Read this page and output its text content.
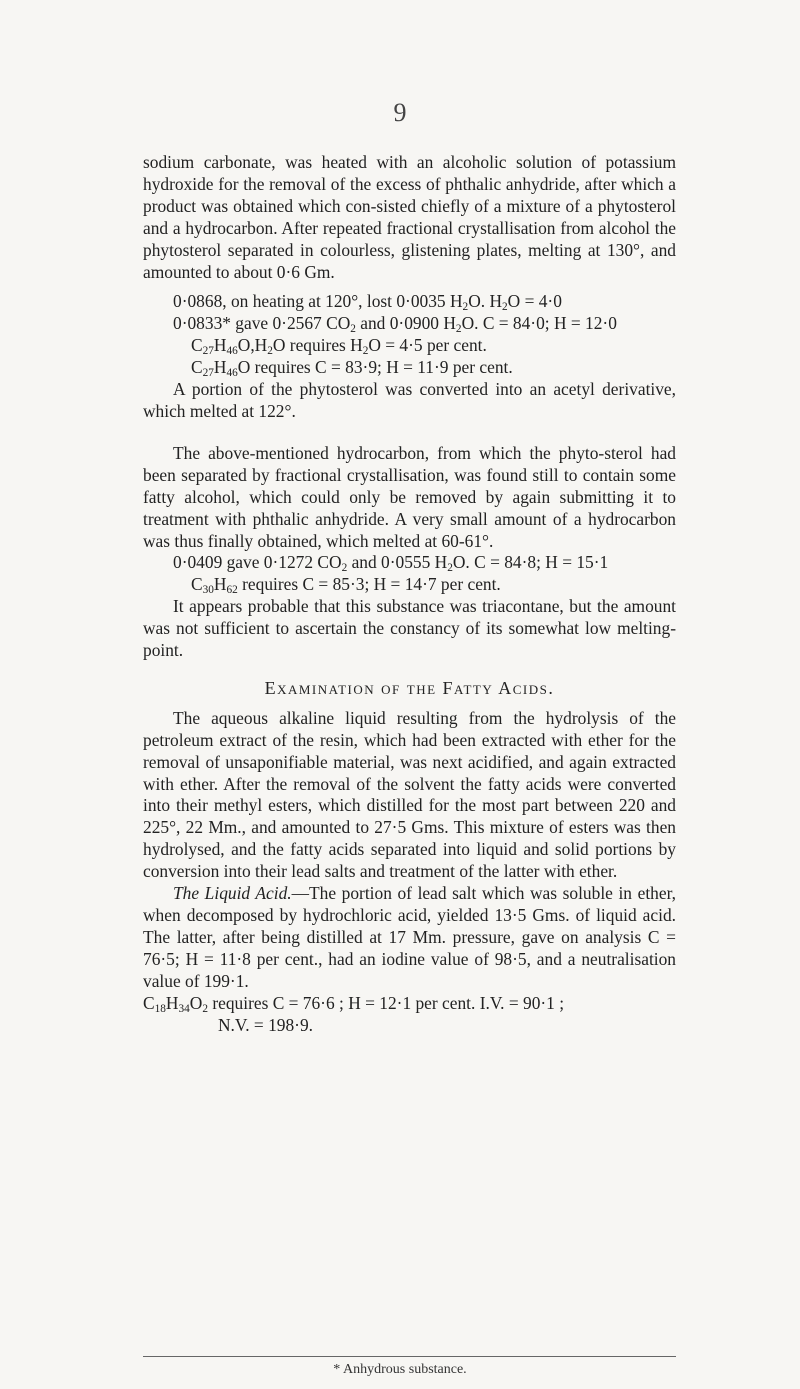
9

sodium carbonate, was heated with an alcoholic solution of potassium hydroxide for the removal of the excess of phthalic anhydride, after which a product was obtained which con-sisted chiefly of a mixture of a phytosterol and a hydrocarbon. After repeated fractional crystallisation from alcohol the phytosterol separated in colourless, glistening plates, melting at 130°, and amounted to about 0·6 Gm.

0·0868, on heating at 120°, lost 0·0035 $H_2O$. $H_2O = 4\cdot 0$
0·0833* gave 0·2567 $CO_2$ and 0·0900 $H_2O$. C = 84·0; H = 12·0
$C_{27}H_{46}O,H_2O$ requires $H_2O = 4\cdot 5$ per cent.
$C_{27}H_{46}O$ requires C = 83·9; H = 11·9 per cent.

A portion of the phytosterol was converted into an acetyl derivative, which melted at 122°.

The above-mentioned hydrocarbon, from which the phyto-sterol had been separated by fractional crystallisation, was found still to contain some fatty alcohol, which could only be removed by again submitting it to treatment with phthalic anhydride. A very small amount of a hydrocarbon was thus finally obtained, which melted at 60-61°.

0·0409 gave 0·1272 $CO_2$ and 0·0555 $H_2O$. C = 84·8; H = 15·1
$C_{30}H_{62}$ requires C = 85·3; H = 14·7 per cent.

It appears probable that this substance was triacontane, but the amount was not sufficient to ascertain the constancy of its somewhat low melting-point.

Examination of the Fatty Acids.

The aqueous alkaline liquid resulting from the hydrolysis of the petroleum extract of the resin, which had been extracted with ether for the removal of unsaponifiable material, was next acidified, and again extracted with ether. After the removal of the solvent the fatty acids were converted into their methyl esters, which distilled for the most part between 220 and 225°, 22 Mm., and amounted to 27·5 Gms. This mixture of esters was then hydrolysed, and the fatty acids separated into liquid and solid portions by conversion into their lead salts and treatment of the latter with ether.

The Liquid Acid.—The portion of lead salt which was soluble in ether, when decomposed by hydrochloric acid, yielded 13·5 Gms. of liquid acid. The latter, after being distilled at 17 Mm. pressure, gave on analysis C = 76·5; H = 11·8 per cent., had an iodine value of 98·5, and a neutralisation value of 199·1.

$C_{18}H_{34}O_2$ requires C = 76·6 ; H = 12·1 per cent. I.V. = 90·1 ;
N.V. = 198·9.
* Anhydrous substance.
